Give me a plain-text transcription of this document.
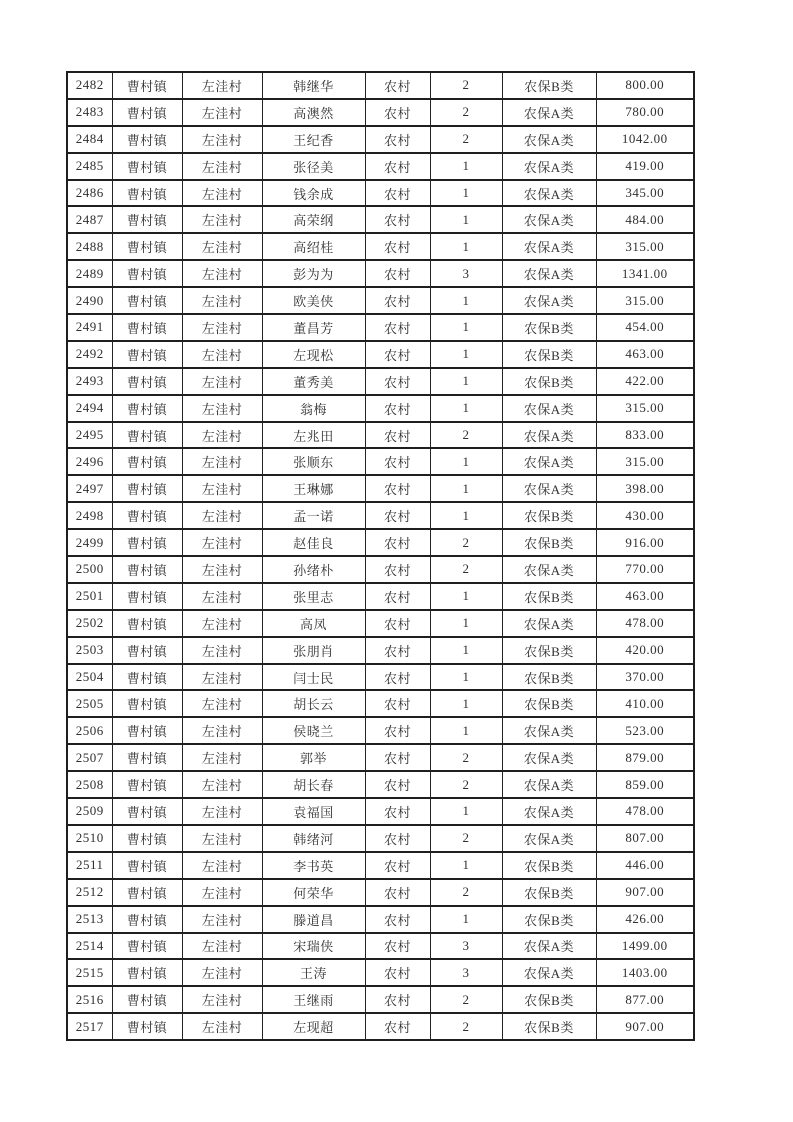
2482	曹村镇	左洼村	韩继华	农村	2	农保B类	800.00
2483	曹村镇	左洼村	高澳然	农村	2	农保A类	780.00
2484	曹村镇	左洼村	王纪香	农村	2	农保A类	1042.00
2485	曹村镇	左洼村	张径美	农村	1	农保A类	419.00
2486	曹村镇	左洼村	钱余成	农村	1	农保A类	345.00
2487	曹村镇	左洼村	高荣纲	农村	1	农保A类	484.00
2488	曹村镇	左洼村	高绍桂	农村	1	农保A类	315.00
2489	曹村镇	左洼村	彭为为	农村	3	农保A类	1341.00
2490	曹村镇	左洼村	欧美侠	农村	1	农保A类	315.00
2491	曹村镇	左洼村	董昌芳	农村	1	农保B类	454.00
2492	曹村镇	左洼村	左现松	农村	1	农保B类	463.00
2493	曹村镇	左洼村	董秀美	农村	1	农保B类	422.00
2494	曹村镇	左洼村	翁梅	农村	1	农保A类	315.00
2495	曹村镇	左洼村	左兆田	农村	2	农保A类	833.00
2496	曹村镇	左洼村	张顺东	农村	1	农保A类	315.00
2497	曹村镇	左洼村	王琳娜	农村	1	农保A类	398.00
2498	曹村镇	左洼村	孟一诺	农村	1	农保B类	430.00
2499	曹村镇	左洼村	赵佳良	农村	2	农保B类	916.00
2500	曹村镇	左洼村	孙绪朴	农村	2	农保A类	770.00
2501	曹村镇	左洼村	张里志	农村	1	农保B类	463.00
2502	曹村镇	左洼村	高凤	农村	1	农保A类	478.00
2503	曹村镇	左洼村	张朋肖	农村	1	农保B类	420.00
2504	曹村镇	左洼村	闫士民	农村	1	农保B类	370.00
2505	曹村镇	左洼村	胡长云	农村	1	农保B类	410.00
2506	曹村镇	左洼村	侯晓兰	农村	1	农保A类	523.00
2507	曹村镇	左洼村	郭举	农村	2	农保A类	879.00
2508	曹村镇	左洼村	胡长春	农村	2	农保A类	859.00
2509	曹村镇	左洼村	袁福国	农村	1	农保A类	478.00
2510	曹村镇	左洼村	韩绪河	农村	2	农保A类	807.00
2511	曹村镇	左洼村	李书英	农村	1	农保B类	446.00
2512	曹村镇	左洼村	何荣华	农村	2	农保B类	907.00
2513	曹村镇	左洼村	滕道昌	农村	1	农保B类	426.00
2514	曹村镇	左洼村	宋瑞侠	农村	3	农保A类	1499.00
2515	曹村镇	左洼村	王涛	农村	3	农保A类	1403.00
2516	曹村镇	左洼村	王继雨	农村	2	农保B类	877.00
2517	曹村镇	左洼村	左现超	农村	2	农保B类	907.00
